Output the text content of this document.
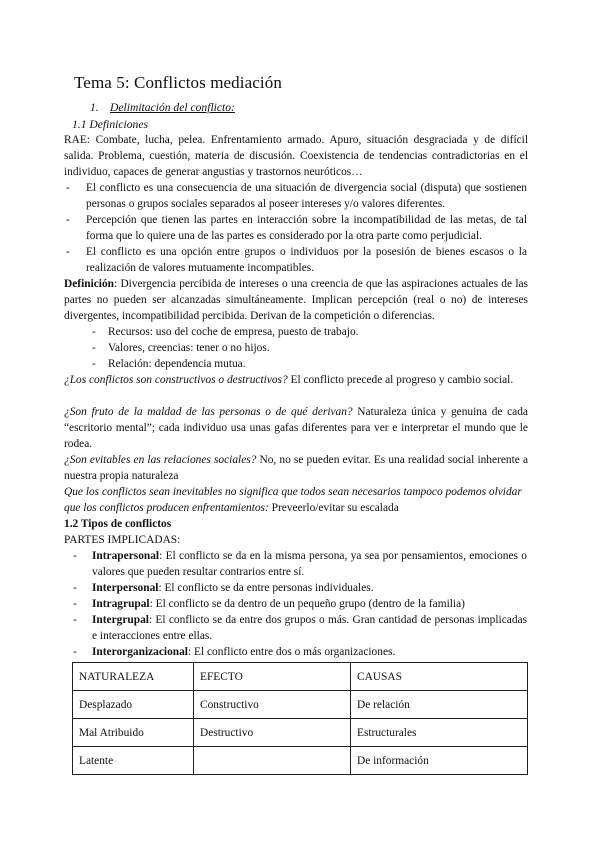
Tema 5: Conflictos mediación
1. Delimitación del conflicto:
1.1 Definiciones
RAE: Combate, lucha, pelea. Enfrentamiento armado. Apuro, situación desgraciada y de difícil salida. Problema, cuestión, materia de discusión. Coexistencia de tendencias contradictorias en el individuo, capaces de generar angustias y trastornos neuróticos…
- El conflicto es una consecuencia de una situación de divergencia social (disputa) que sostienen personas o grupos sociales separados al poseer intereses y/o valores diferentes.
- Percepción que tienen las partes en interacción sobre la incompatibilidad de las metas, de tal forma que lo quiere una de las partes es considerado por la otra parte como perjudicial.
- El conflicto es una opción entre grupos o individuos por la posesión de bienes escasos o la realización de valores mutuamente incompatibles.
Definición: Divergencia percibida de intereses o una creencia de que las aspiraciones actuales de las partes no pueden ser alcanzadas simultáneamente. Implican percepción (real o no) de intereses divergentes, incompatibilidad percibida. Derivan de la competición o diferencias.
- Recursos: uso del coche de empresa, puesto de trabajo.
- Valores, creencias: tener o no hijos.
- Relación: dependencia mutua.
¿Los conflictos son constructivos o destructivos? El conflicto precede al progreso y cambio social.
¿Son fruto de la maldad de las personas o de qué derivan? Naturaleza única y genuina de cada “escritorio mental”; cada individuo usa unas gafas diferentes para ver e interpretar el mundo que le rodea.
¿Son evitables en las relaciones sociales? No, no se pueden evitar. Es una realidad social inherente a nuestra propia naturaleza
Que los conflictos sean inevitables no significa que todos sean necesarios tampoco podemos olvidar que los conflictos producen enfrentamientos: Preveerlo/evitar su escalada
1.2 Tipos de conflictos
PARTES IMPLICADAS:
- Intrapersonal: El conflicto se da en la misma persona, ya sea por pensamientos, emociones o valores que pueden resultar contrarios entre sí.
- Interpersonal: El conflicto se da entre personas individuales.
- Intragrupal: El conflicto se da dentro de un pequeño grupo (dentro de la familia)
- Intergrupal: El conflicto se da entre dos grupos o más. Gran cantidad de personas implicadas e interacciones entre ellas.
- Interorganizacional: El conflicto entre dos o más organizaciones.
NATURALEZA	EFECTO	CAUSAS
Desplazado	Constructivo	De relación
Mal Atribuido	Destructivo	Estructurales
Latente		De información
